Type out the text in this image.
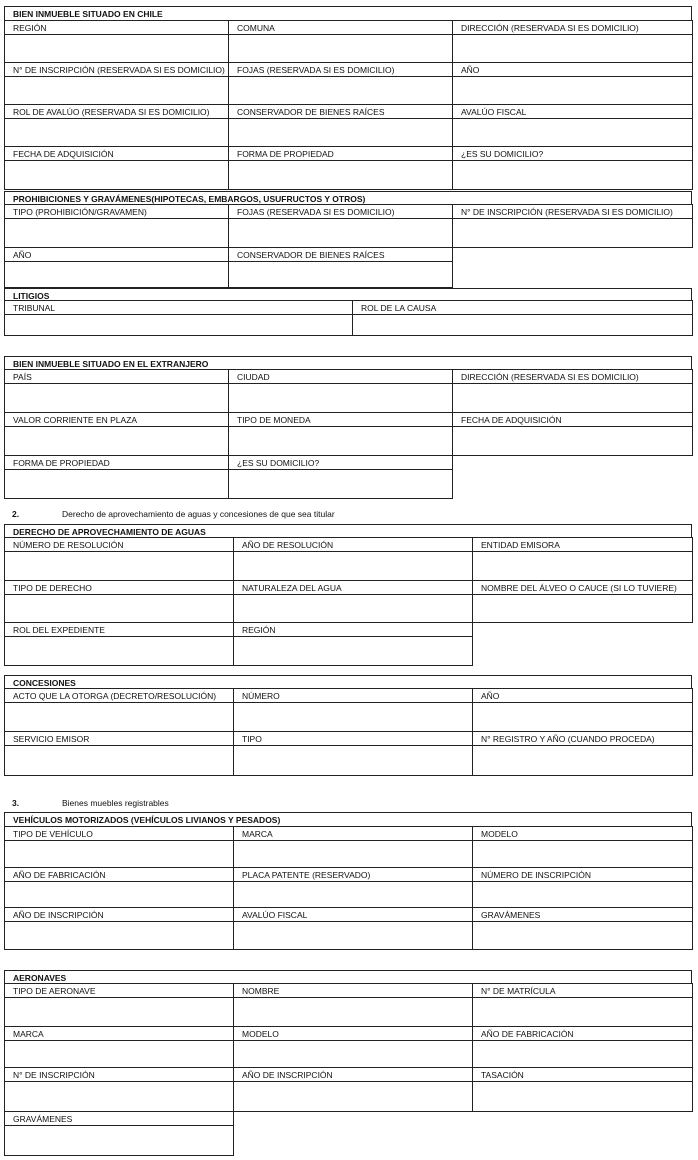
2.	Derecho de aprovechamiento de aguas y concesiones de que sea titular
3.	Bienes muebles registrables
BIEN INMUEBLE SITUADO EN CHILE
REGIÓN	COMUNA	DIRECCIÓN (RESERVADA SI ES DOMICILIO)
N° DE INSCRIPCIÓN (RESERVADA SI ES DOMICILIO)	FOJAS (RESERVADA SI ES DOMICILIO)	AÑO
ROL DE AVALÚO (RESERVADA SI ES DOMICILIO)	CONSERVADOR DE BIENES RAÍCES	AVALÚO FISCAL
FECHA DE ADQUISICIÓN	FORMA DE PROPIEDAD	¿ES SU DOMICILIO?
PROHIBICIONES Y GRAVÁMENES(HIPOTECAS, EMBARGOS, USUFRUCTOS Y OTROS)
TIPO (PROHIBICIÓN/GRAVAMEN)	FOJAS (RESERVADA SI ES DOMICILIO)	N° DE INSCRIPCIÓN (RESERVADA SI ES DOMICILIO)
AÑO	CONSERVADOR DE BIENES RAÍCES
LITIGIOS
TRIBUNAL	ROL DE LA CAUSA
BIEN INMUEBLE SITUADO EN EL EXTRANJERO
PAÍS	CIUDAD	DIRECCIÓN (RESERVADA SI ES DOMICILIO)
VALOR CORRIENTE EN PLAZA	TIPO DE MONEDA	FECHA DE ADQUISICIÓN
FORMA DE PROPIEDAD	¿ES SU DOMICILIO?
DERECHO DE APROVECHAMIENTO DE AGUAS
NÚMERO DE RESOLUCIÓN	AÑO DE RESOLUCIÓN	ENTIDAD EMISORA
TIPO DE DERECHO	NATURALEZA DEL AGUA	NOMBRE DEL ÁLVEO O CAUCE (SI LO TUVIERE)
ROL DEL EXPEDIENTE	REGIÓN
CONCESIONES
ACTO QUE LA OTORGA (DECRETO/RESOLUCIÓN)	NÚMERO	AÑO
SERVICIO EMISOR	TIPO	N° REGISTRO Y AÑO (CUANDO PROCEDA)
VEHÍCULOS MOTORIZADOS (VEHÍCULOS LIVIANOS Y PESADOS)
TIPO DE VEHÍCULO	MARCA	MODELO
AÑO DE FABRICACIÓN	PLACA PATENTE (RESERVADO)	NÚMERO DE INSCRIPCIÓN
AÑO DE INSCRIPCIÓN	AVALÚO FISCAL	GRAVÁMENES
AERONAVES
TIPO DE AERONAVE	NOMBRE	N° DE MATRÍCULA
MARCA	MODELO	AÑO DE FABRICACIÓN
N° DE INSCRIPCIÓN	AÑO DE INSCRIPCIÓN	TASACIÓN
GRAVÁMENES
